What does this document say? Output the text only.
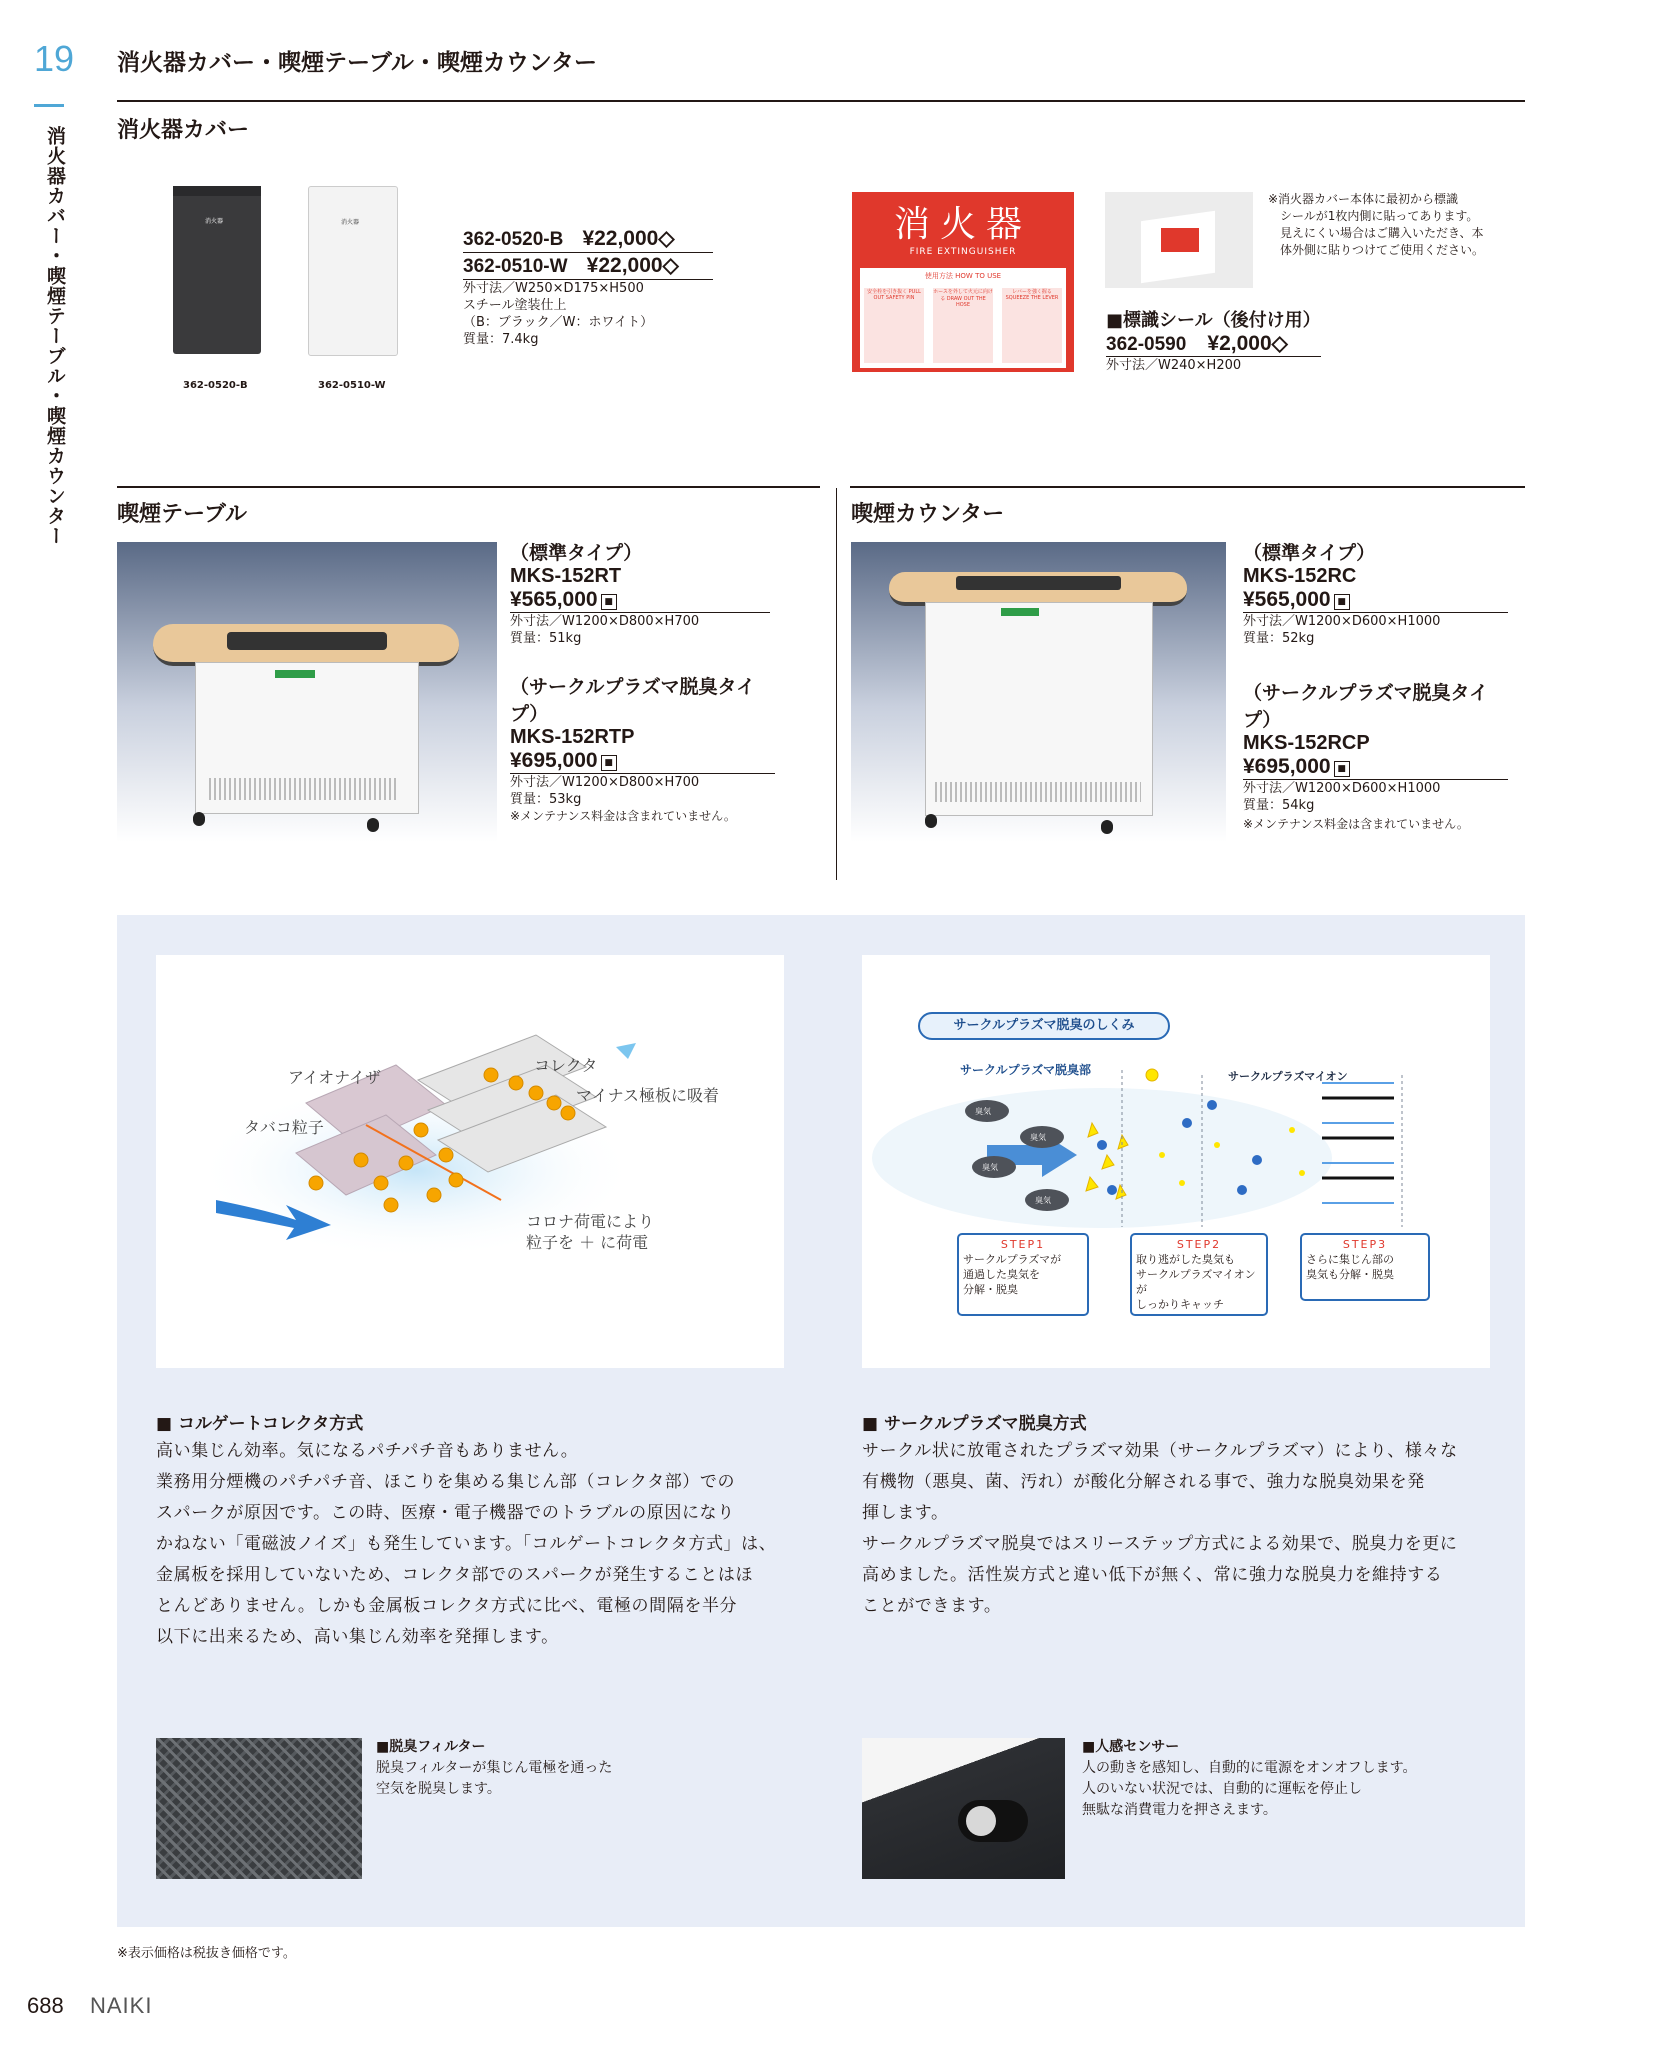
19
消火器カバー・喫煙テーブル・喫煙カウンター
消火器カバー・喫煙テーブル・喫煙カウンター
消火器カバー
消火器	消火器
362-0520-B	362-0510-W
362-0520-B ¥22,000◇
362-0510-W ¥22,000◇
外寸法／W250×D175×H500
スチール塗装仕上
（B：ブラック／W：ホワイト）
質量：7.4kg
消火器
FIRE EXTINGUISHER
使用方法 HOW TO USE
安全栓を引き抜く PULL OUT SAFETY PIN
ホースを外して火元に向ける DRAW OUT THE HOSE
レバーを強く握る SQUEEZE THE LEVER
※消火器カバー本体に最初から標識
シールが1枚内側に貼ってあります。
見えにくい場合はご購入いただき、本
体外側に貼りつけてご使用ください。
■標識シール（後付け用）
362-0590 ¥2,000◇
外寸法／W240×H200
喫煙テーブル
（標準タイプ）
MKS-152RT
¥565,000 ■
外寸法／W1200×D800×H700
質量：51kg
（サークルプラズマ脱臭タイプ）
MKS-152RTP
¥695,000 ■
外寸法／W1200×D800×H700
質量：53kg
※メンテナンス料金は含まれていません。
喫煙カウンター
（標準タイプ）
MKS-152RC
¥565,000 ■
外寸法／W1200×D600×H1000
質量：52kg
（サークルプラズマ脱臭タイプ）
MKS-152RCP
¥695,000 ■
外寸法／W1200×D600×H1000
質量：54kg
※メンテナンス料金は含まれていません。
アイオナイザ
コレクタ
マイナス極板に吸着
タバコ粒子
コロナ荷電により
粒子を ＋ に荷電
サークルプラズマ脱臭のしくみ
サークルプラズマ脱臭部	サークルプラズマイオン
臭気
臭気
臭気
臭気
STEP1
サークルプラズマが
通過した臭気を
分解・脱臭
STEP2
取り逃がした臭気も
サークルプラズマイオンが
しっかりキャッチ
STEP3
さらに集じん部の
臭気も分解・脱臭
■ コルゲートコレクタ方式
高い集じん効率。気になるパチパチ音もありません。
業務用分煙機のパチパチ音、ほこりを集める集じん部（コレクタ部）での
スパークが原因です。この時、医療・電子機器でのトラブルの原因になり
かねない「電磁波ノイズ」も発生しています。「コルゲートコレクタ方式」は、
金属板を採用していないため、コレクタ部でのスパークが発生することはほ
とんどありません。しかも金属板コレクタ方式に比べ、電極の間隔を半分
以下に出来るため、高い集じん効率を発揮します。
■ サークルプラズマ脱臭方式
サークル状に放電されたプラズマ効果（サークルプラズマ）により、様々な
有機物（悪臭、菌、汚れ）が酸化分解される事で、強力な脱臭効果を発
揮します。
サークルプラズマ脱臭ではスリーステップ方式による効果で、脱臭力を更に
高めました。活性炭方式と違い低下が無く、常に強力な脱臭力を維持する
ことができます。
■脱臭フィルター
脱臭フィルターが集じん電極を通った
空気を脱臭します。
■人感センサー
人の動きを感知し、自動的に電源をオンオフします。
人のいない状況では、自動的に運転を停止し
無駄な消費電力を押さえます。
※表示価格は税抜き価格です。
688 NAIKI
